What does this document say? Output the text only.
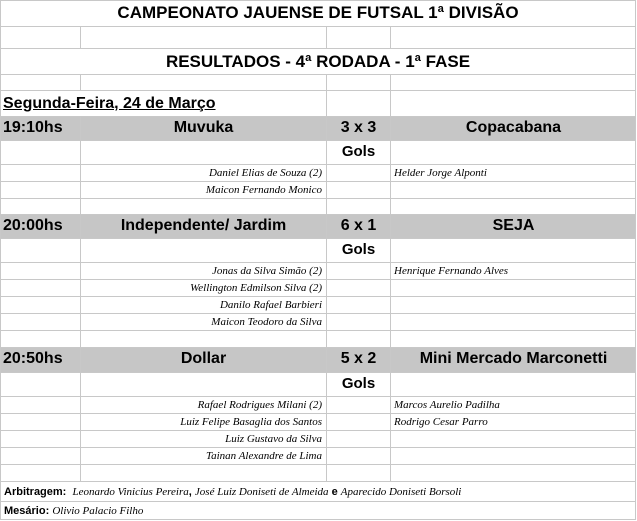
CAMPEONATO JAUENSE DE FUTSAL 1ª DIVISÃO
RESULTADOS - 4ª RODADA - 1ª FASE
Segunda-Feira, 24 de Março
19:10hs	Muvuka	3 x 3	Copacabana
Gols
Daniel Elias de Souza (2)	Helder Jorge Alponti
Maicon Fernando Monico
20:00hs	Independente/ Jardim	6 x 1	SEJA
Gols
Jonas da Silva Simão (2)	Henrique Fernando Alves
Wellington Edmilson Silva (2)
Danilo Rafael Barbieri
Maicon Teodoro da Silva
20:50hs	Dollar	5 x 2	Mini Mercado Marconetti
Gols
Rafael Rodrigues Milani (2)	Marcos Aurelio Padilha
Luiz Felipe Basaglia dos Santos	Rodrigo Cesar Parro
Luiz Gustavo da Silva
Tainan Alexandre de Lima
Arbitragem: Leonardo Vinicius Pereira, José Luiz Doniseti de Almeida e Aparecido Doniseti Borsoli
Mesário: Olivio Palacio Filho
